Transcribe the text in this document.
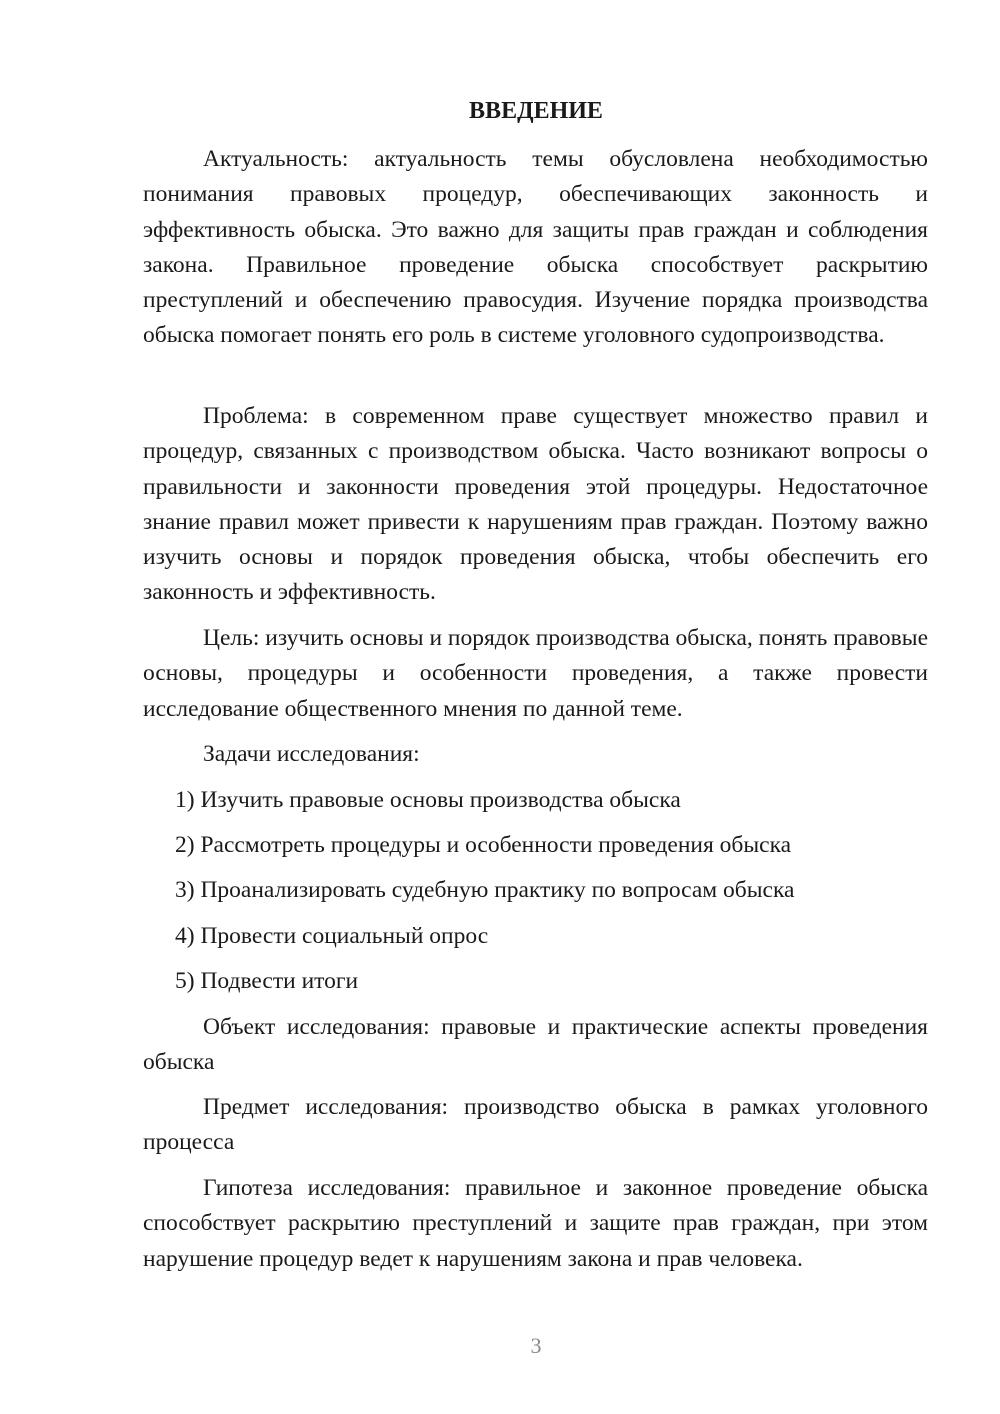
ВВЕДЕНИЕ

Актуальность: актуальность темы обусловлена необходимостью понимания правовых процедур, обеспечивающих законность и эффективность обыска. Это важно для защиты прав граждан и соблюдения закона. Правильное проведение обыска способствует раскрытию преступлений и обеспечению правосудия. Изучение порядка производства обыска помогает понять его роль в системе уголовного судопроизводства.

Проблема: в современном праве существует множество правил и процедур, связанных с производством обыска. Часто возникают вопросы о правильности и законности проведения этой процедуры. Недостаточное знание правил может привести к нарушениям прав граждан. Поэтому важно изучить основы и порядок проведения обыска, чтобы обеспечить его законность и эффективность.

Цель: изучить основы и порядок производства обыска, понять правовые основы, процедуры и особенности проведения, а также провести исследование общественного мнения по данной теме.

Задачи исследования:

1) Изучить правовые основы производства обыска

2) Рассмотреть процедуры и особенности проведения обыска

3) Проанализировать судебную практику по вопросам обыска

4) Провести социальный опрос

5) Подвести итоги

Объект исследования: правовые и практические аспекты проведения обыска

Предмет исследования: производство обыска в рамках уголовного процесса

Гипотеза исследования: правильное и законное проведение обыска способствует раскрытию преступлений и защите прав граждан, при этом нарушение процедур ведет к нарушениям закона и прав человека.

3
